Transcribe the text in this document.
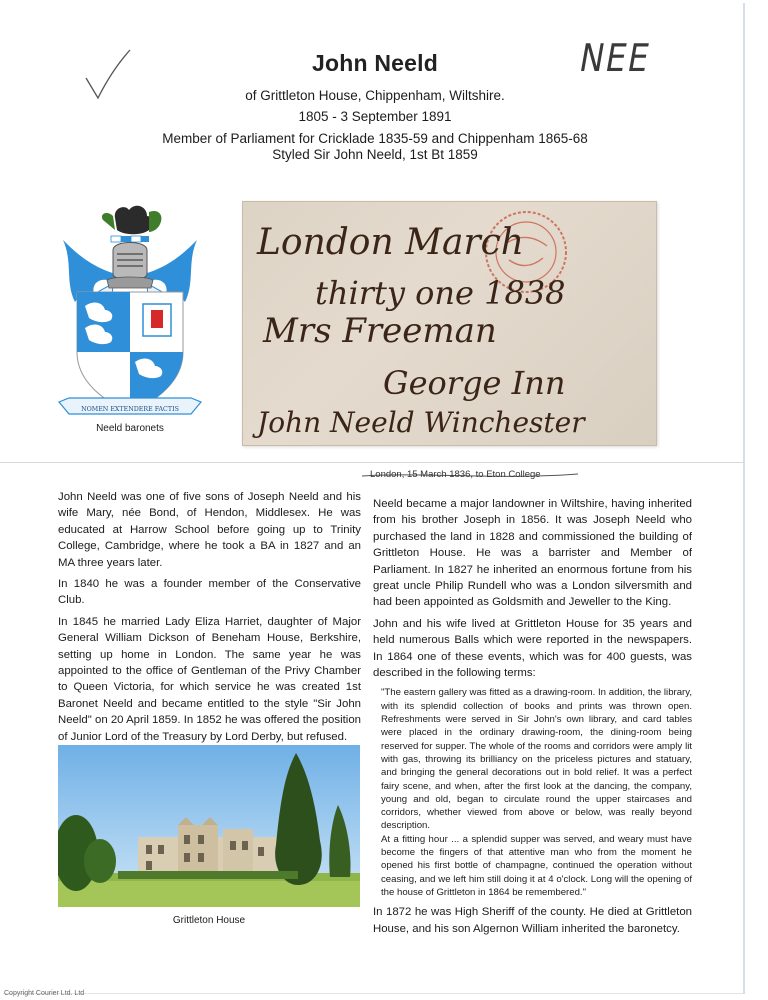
NEE
John Neeld
of Grittleton House, Chippenham, Wiltshire.
1805 - 3 September 1891
Member of Parliament for Cricklade 1835-59 and Chippenham 1865-68
Styled Sir John Neeld, 1st Bt 1859
NOMEN EXTENDERE FACTIS
Neeld baronets
London March
thirty one 1838
Mrs Freeman
George Inn
John Neeld Winchester
London, 15 March 1836, to Eton College

John Neeld was one of five sons of Joseph Neeld and his wife Mary, née Bond, of Hendon, Middlesex. He was educated at Harrow School before going up to Trinity College, Cambridge, where he took a BA in 1827 and an MA three years later.

In 1840 he was a founder member of the Conservative Club.

In 1845 he married Lady Eliza Harriet, daughter of Major General William Dickson of Beneham House, Berkshire, setting up home in London. The same year he was appointed to the office of Gentleman of the Privy Chamber to Queen Victoria, for which service he was created 1st Baronet Neeld and became entitled to the style "Sir John Neeld" on 20 April 1859. In 1852 he was offered the position of Junior Lord of the Treasury by Lord Derby, but refused.

Grittleton House

Neeld became a major landowner in Wiltshire, having inherited from his brother Joseph in 1856. It was Joseph Neeld who purchased the land in 1828 and commissioned the building of Grittleton House. He was a barrister and Member of Parliament. In 1827 he inherited an enormous fortune from his great uncle Philip Rundell who was a London silversmith and had been appointed as Goldsmith and Jeweller to the King.

John and his wife lived at Grittleton House for 35 years and held numerous Balls which were reported in the newspapers. In 1864 one of these events, which was for 400 guests, was described in the following terms:

"The eastern gallery was fitted as a drawing-room. In addition, the library, with its splendid collection of books and prints was thrown open. Refreshments were served in Sir John's own library, and card tables were placed in the ordinary drawing-room, the dining-room being reserved for supper. The whole of the rooms and corridors were amply lit with gas, throwing its brilliancy on the priceless pictures and statuary, and bringing the general decorations out in bold relief. It was a perfect fairy scene, and when, after the first look at the dancing, the company, young and old, began to circulate round the upper staircases and corridors, whether viewed from above or below, was really beyond description.

At a fitting hour ... a splendid supper was served, and weary must have become the fingers of that attentive man who from the moment he opened his first bottle of champagne, continued the operation without ceasing, and we left him still doing it at 4 o'clock. Long will the opening of the house of Grittleton in 1864 be remembered."

In 1872 he was High Sheriff of the county. He died at Grittleton House, and his son Algernon William inherited the baronetcy.

Copyright Courier Ltd. Ltd
